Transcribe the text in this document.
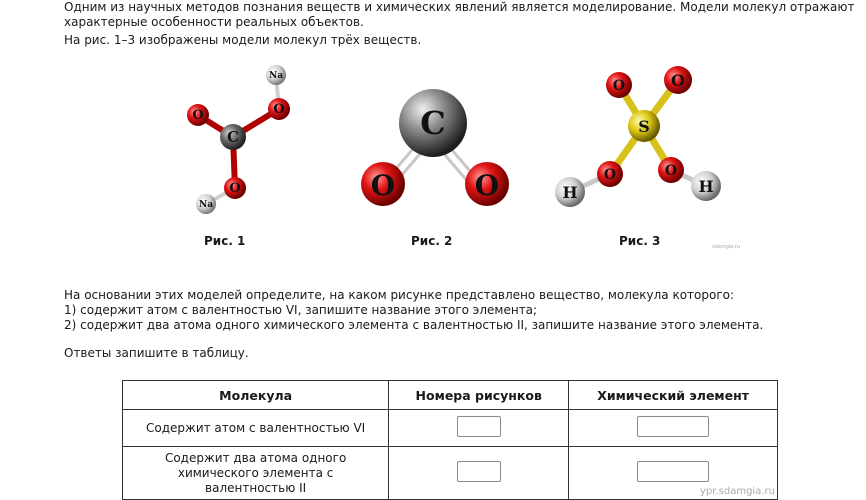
Одним из научных методов познания веществ и химических явлений является моделирование. Модели молекул отражают характерные особенности реальных объектов.
На рис. 1–3 изображены модели молекул трёх веществ.
Na
O
C
O
O
Na
Рис. 1
C
O	O
Рис. 2
O	O
S
O	O
H	H
Рис. 3	sdamgia.ru
На основании этих моделей определите, на каком рисунке представлено вещество, молекула которого:
1) содержит атом с валентностью VI, запишите название этого элемента;
2) содержит два атома одного химического элемента с валентностью II, запишите название этого элемента.
Ответы запишите в таблицу.
Молекула	Номера рисунков	Химический элемент
Содержит атом с валентностью VI		
Содержит два атома одного химического элемента с валентностью II			ypr.sdamgia.ru
